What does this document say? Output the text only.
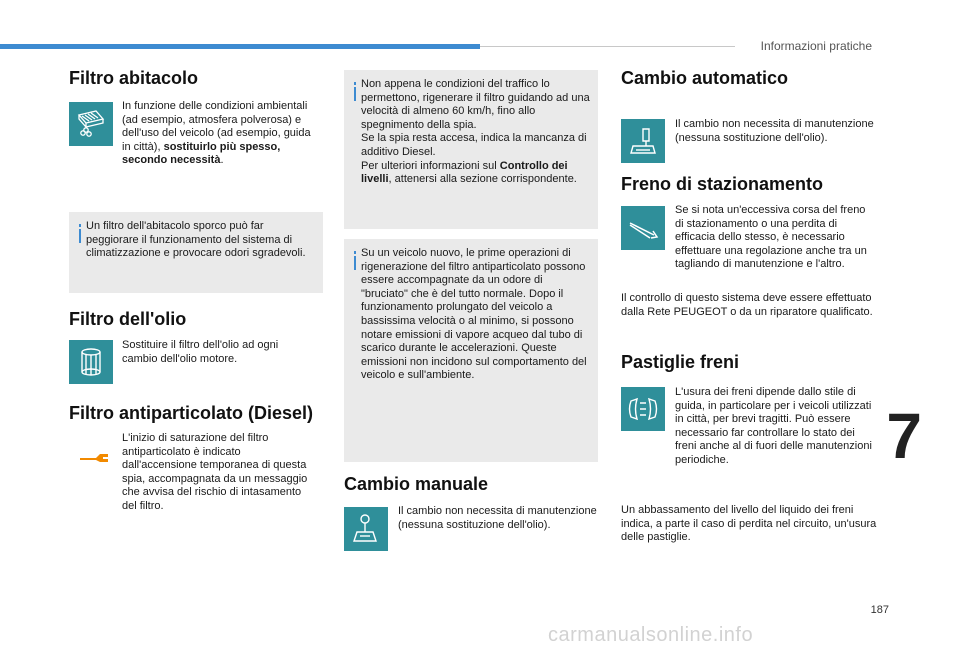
Informazioni pratiche
Filtro abitacolo
In funzione delle condizioni ambientali (ad esempio, atmosfera polverosa) e dell'uso del veicolo (ad esempio, guida in città), sostituirlo più spesso, secondo necessità.
Un filtro dell'abitacolo sporco può far peggiorare il funzionamento del sistema di climatizzazione e provocare odori sgradevoli.
Filtro dell'olio
Sostituire il filtro dell'olio ad ogni cambio dell'olio motore.
Filtro antiparticolato (Diesel)
L'inizio di saturazione del filtro antiparticolato è indicato dall'accensione temporanea di questa spia, accompagnata da un messaggio che avvisa del rischio di intasamento del filtro.
Non appena le condizioni del traffico lo permettono, rigenerare il filtro guidando ad una velocità di almeno 60 km/h, fino allo spegnimento della spia.
Se la spia resta accesa, indica la mancanza di additivo Diesel.
Per ulteriori informazioni sul Controllo dei livelli, attenersi alla sezione corrispondente.
Su un veicolo nuovo, le prime operazioni di rigenerazione del filtro antiparticolato possono essere accompagnate da un odore di "bruciato" che è del tutto normale. Dopo il funzionamento prolungato del veicolo a bassissima velocità o al minimo, si possono notare emissioni di vapore acqueo dal tubo di scarico durante le accelerazioni. Queste emissioni non incidono sul comportamento del veicolo e sull'ambiente.
Cambio manuale
Il cambio non necessita di manutenzione (nessuna sostituzione dell'olio).
Cambio automatico
Il cambio non necessita di manutenzione (nessuna sostituzione dell'olio).
Freno di stazionamento
Se si nota un'eccessiva corsa del freno di stazionamento o una perdita di efficacia dello stesso, è necessario effettuare una regolazione anche tra un tagliando di manutenzione e l'altro.
Il controllo di questo sistema deve essere effettuato dalla Rete PEUGEOT o da un riparatore qualificato.
Pastiglie freni
L'usura dei freni dipende dallo stile di guida, in particolare per i veicoli utilizzati in città, per brevi tragitti. Può essere necessario far controllare lo stato dei freni anche al di fuori delle manutenzioni periodiche.
Un abbassamento del livello del liquido dei freni indica, a parte il caso di perdita nel circuito, un'usura delle pastiglie.
7
187
carmanualsonline.info
